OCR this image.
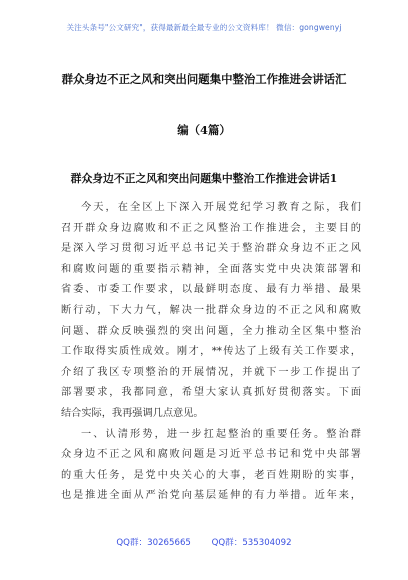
关注头条号"公文研究"，获得最新最全最专业的公文资料库！ 微信：gongwenyj
群众身边不正之风和突出问题集中整治工作推进会讲话汇
编（4篇）
群众身边不正之风和突出问题集中整治工作推进会讲话1
今天，在全区上下深入开展党纪学习教育之际，我们
召开群众身边腐败和不正之风整治工作推进会，主要目的
是深入学习贯彻习近平总书记关于整治群众身边不正之风
和腐败问题的重要指示精神，全面落实党中央决策部署和
省委、市委工作要求，以最鲜明态度、最有力举措、最果
断行动，下大力气，解决一批群众身边的不正之风和腐败
问题、群众反映强烈的突出问题，全力推动全区集中整治
工作取得实质性成效。刚才，**传达了上级有关工作要求，
介绍了我区专项整治的开展情况，并就下一步工作提出了
部署要求，我都同意，希望大家认真抓好贯彻落实。下面
结合实际，我再强调几点意见。
一、认清形势，进一步扛起整治的重要任务。整治群
众身边不正之风和腐败问题是习近平总书记和党中央部署
的重大任务，是党中央关心的大事，老百姓期盼的实事，
也是推进全面从严治党向基层延伸的有力举措。近年来，
QQ群：30265665 QQ群：535304092
